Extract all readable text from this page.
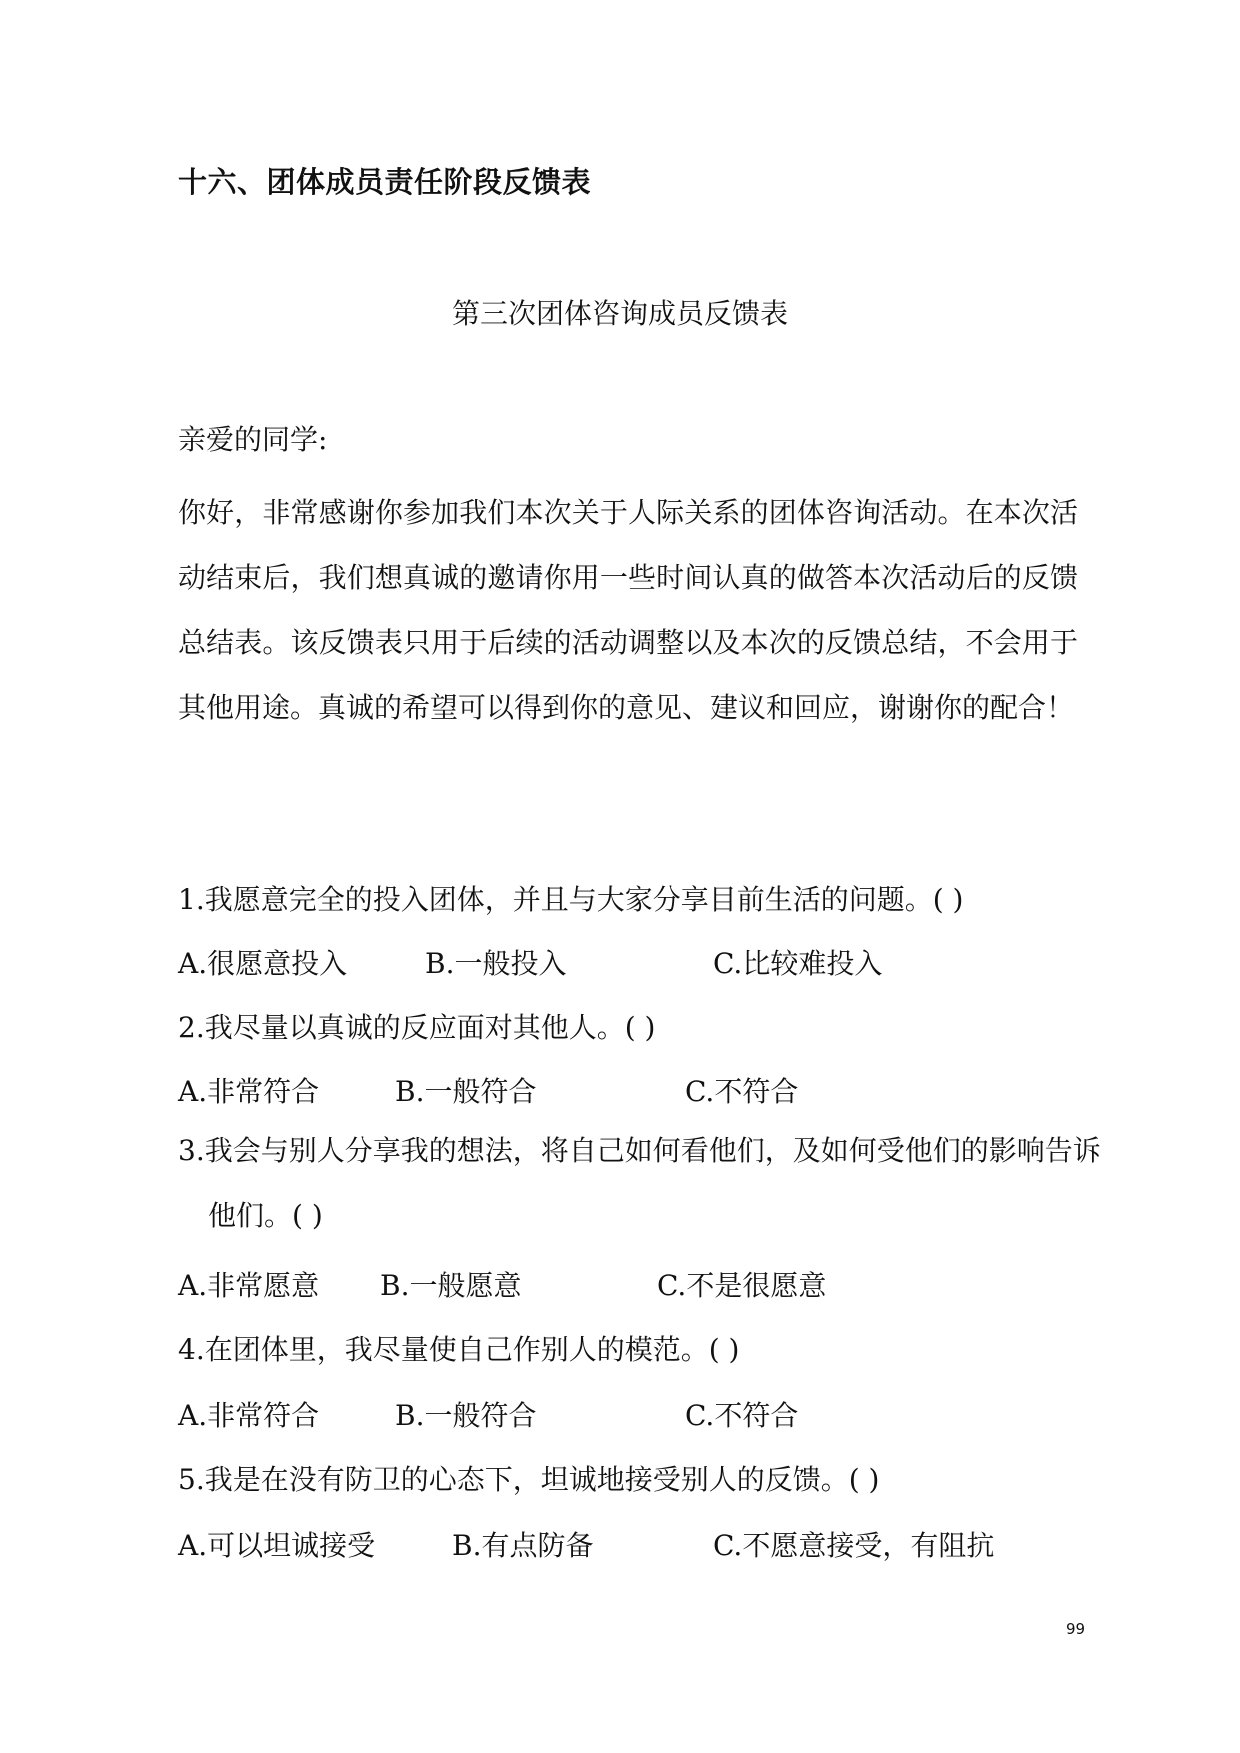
十六、团体成员责任阶段反馈表
第三次团体咨询成员反馈表

亲爱的同学:

你好，非常感谢你参加我们本次关于人际关系的团体咨询活动。在本次活动结束后，我们想真诚的邀请你用一些时间认真的做答本次活动后的反馈总结表。该反馈表只用于后续的活动调整以及本次的反馈总结，不会用于其他用途。真诚的希望可以得到你的意见、建议和回应，谢谢你的配合！

1.我愿意完全的投入团体，并且与大家分享目前生活的问题。( )

A.很愿意投入	B.一般投入	C.比较难投入

2.我尽量以真诚的反应面对其他人。( )

A.非常符合	B.一般符合	C.不符合

3.我会与别人分享我的想法，将自己如何看他们，及如何受他们的影响告诉他们。( )

A.非常愿意 B.一般愿意	C.不是很愿意

4.在团体里，我尽量使自己作别人的模范。( )

A.非常符合	B.一般符合	C.不符合

5.我是在没有防卫的心态下，坦诚地接受别人的反馈。( )

A.可以坦诚接受	B.有点防备	C.不愿意接受，有阻抗
99
